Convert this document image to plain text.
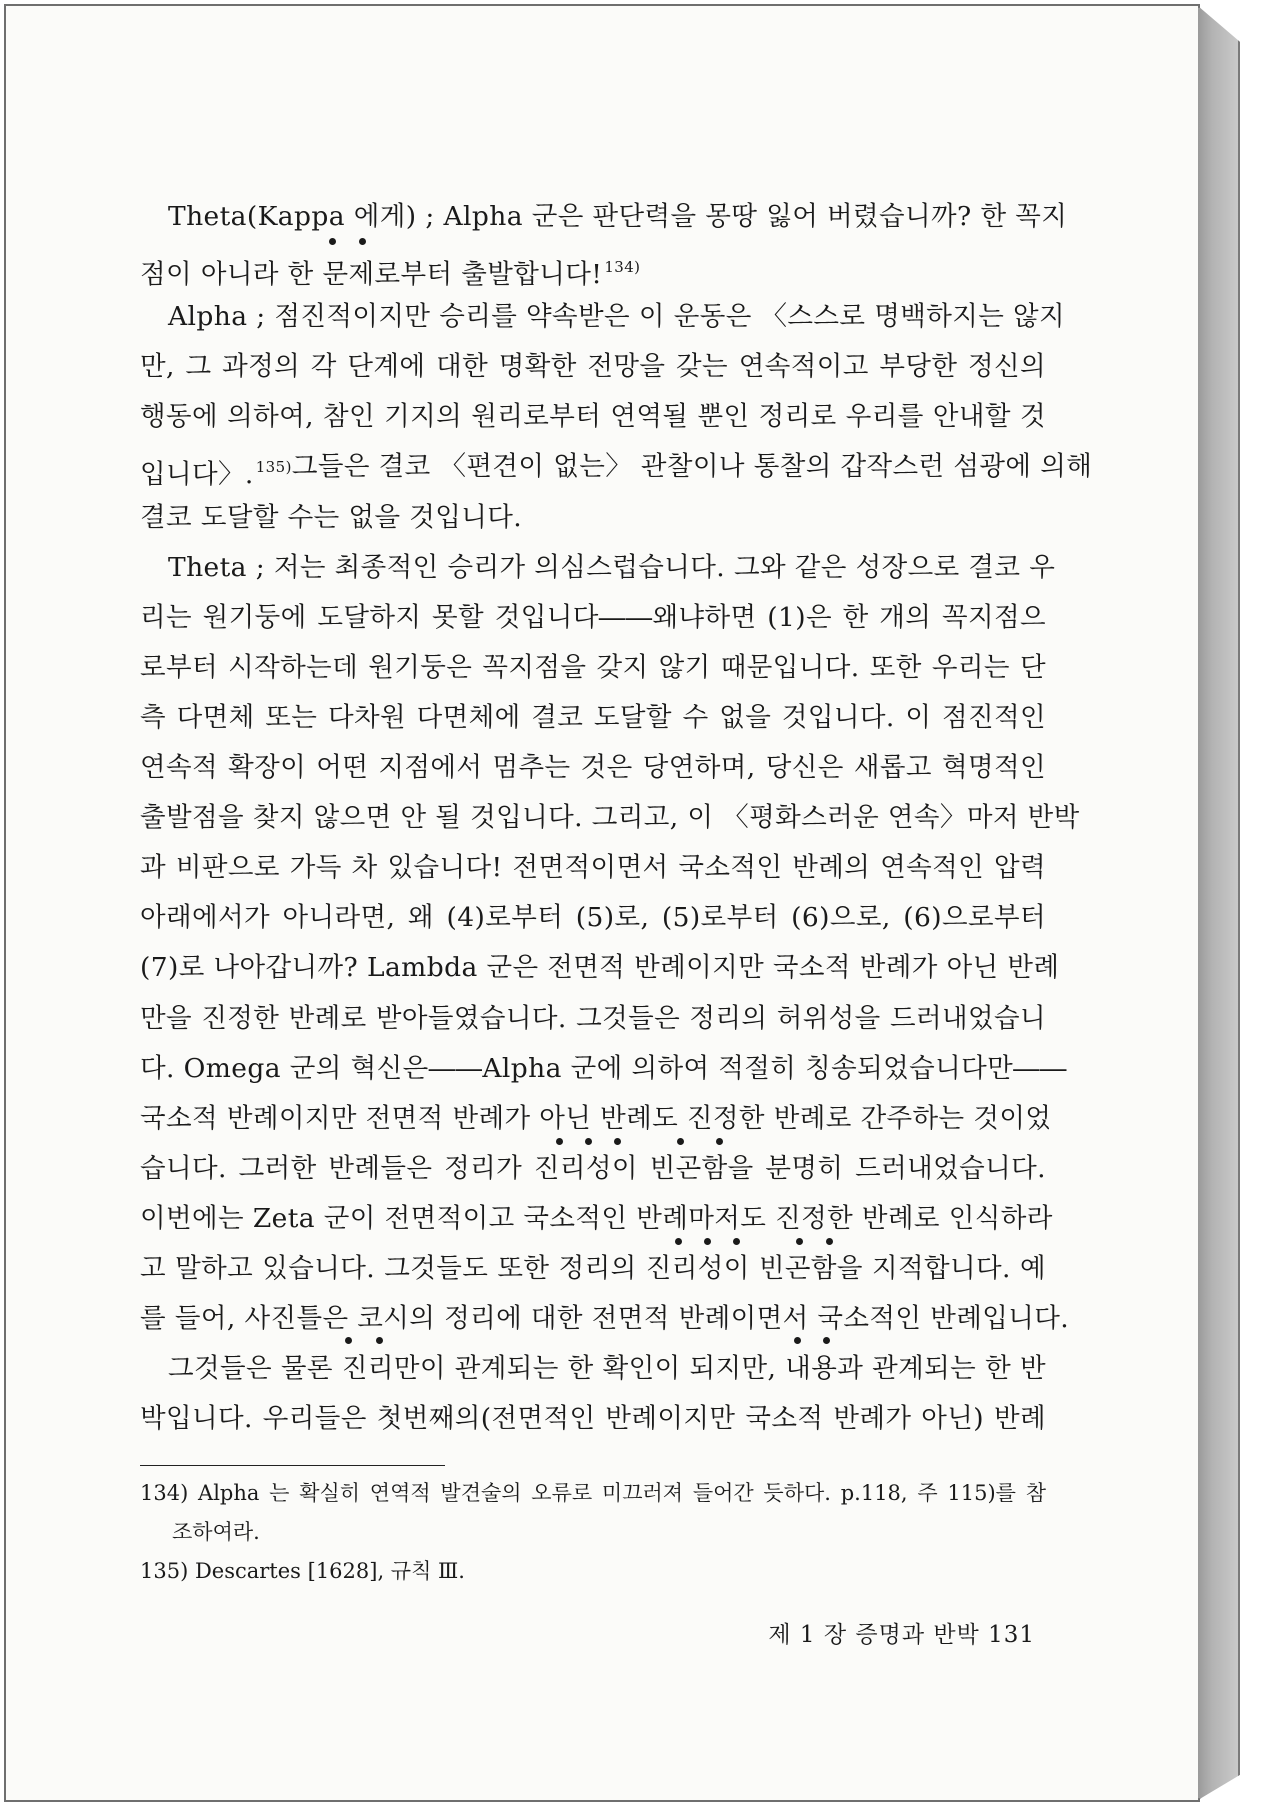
Theta(Kappa 에게) ; Alpha 군은 판단력을 몽땅 잃어 버렸습니까? 한 꼭지
점이 아니라 한 문제로부터 출발합니다! $^{134)}$
Alpha ; 점진적이지만 승리를 약속받은 이 운동은 〈스스로 명백하지는 않지
만, 그 과정의 각 단계에 대한 명확한 전망을 갖는 연속적이고 부당한 정신의
행동에 의하여, 참인 기지의 원리로부터 연역될 뿐인 정리로 우리를 안내할 것
입니다〉. $^{135)}$ 그들은 결코 〈편견이 없는〉 관찰이나 통찰의 갑작스런 섬광에 의해
결코 도달할 수는 없을 것입니다.
Theta ; 저는 최종적인 승리가 의심스럽습니다. 그와 같은 성장으로 결코 우
리는 원기둥에 도달하지 못할 것입니다――왜냐하면 (1)은 한 개의 꼭지점으
로부터 시작하는데 원기둥은 꼭지점을 갖지 않기 때문입니다. 또한 우리는 단
측 다면체 또는 다차원 다면체에 결코 도달할 수 없을 것입니다. 이 점진적인
연속적 확장이 어떤 지점에서 멈추는 것은 당연하며, 당신은 새롭고 혁명적인
출발점을 찾지 않으면 안 될 것입니다. 그리고, 이 〈평화스러운 연속〉마저 반박
과 비판으로 가득 차 있습니다! 전면적이면서 국소적인 반례의 연속적인 압력
아래에서가 아니라면, 왜 (4)로부터 (5)로, (5)로부터 (6)으로, (6)으로부터
(7)로 나아갑니까? Lambda 군은 전면적 반례이지만 국소적 반례가 아닌 반례
만을 진정한 반례로 받아들였습니다. 그것들은 정리의 허위성을 드러내었습니
다. Omega 군의 혁신은――Alpha 군에 의하여 적절히 칭송되었습니다만――
국소적 반례이지만 전면적 반례가 아닌 반례도 진정한 반례로 간주하는 것이었
습니다. 그러한 반례들은 정리가 진리성이 빈곤함을 분명히 드러내었습니다.
이번에는 Zeta 군이 전면적이고 국소적인 반례마저도 진정한 반례로 인식하라
고 말하고 있습니다. 그것들도 또한 정리의 진리성이 빈곤함을 지적합니다. 예
를 들어, 사진틀은 코시의 정리에 대한 전면적 반례이면서 국소적인 반례입니다.
그것들은 물론 진리만이 관계되는 한 확인이 되지만, 내용과 관계되는 한 반
박입니다. 우리들은 첫번째의(전면적인 반례이지만 국소적 반례가 아닌) 반례
134) Alpha 는 확실히 연역적 발견술의 오류로 미끄러져 들어간 듯하다. p.118, 주 115)를 참
조하여라.
135) Descartes [1628], 규칙 Ⅲ.
제 1 장 증명과 반박 131
